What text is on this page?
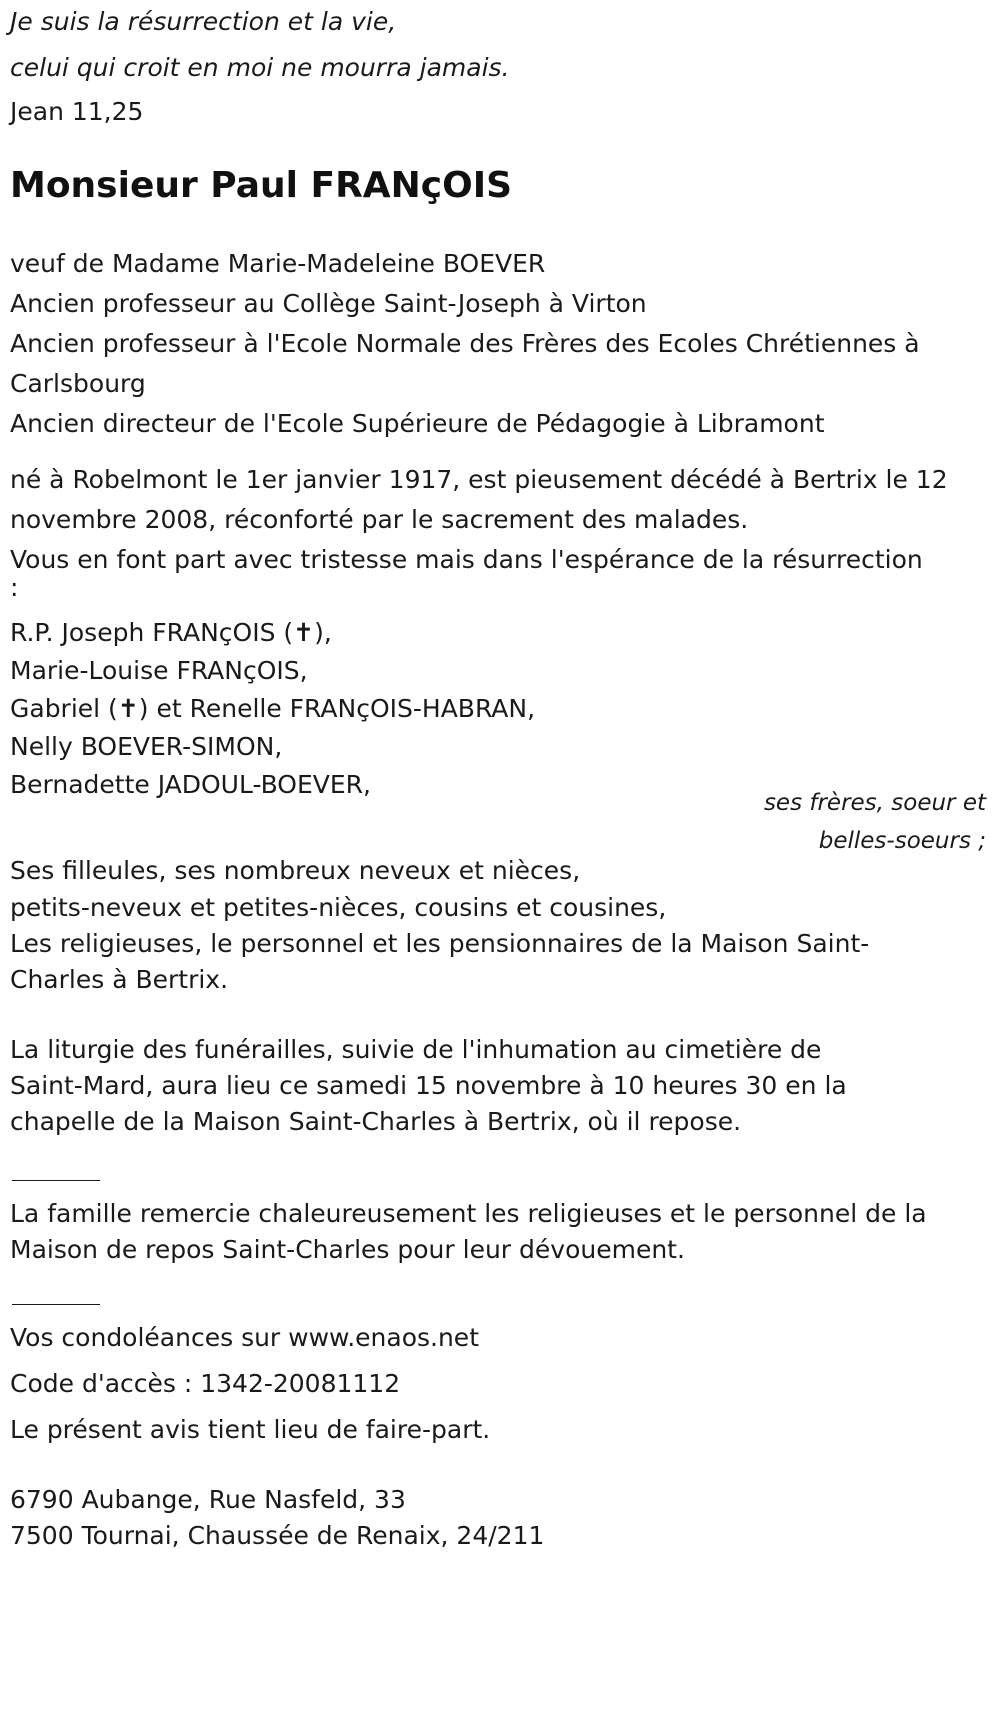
Je suis la résurrection et la vie,
celui qui croit en moi ne mourra jamais.
Jean 11,25
Monsieur Paul FRANçOIS
veuf de Madame Marie-Madeleine BOEVER
Ancien professeur au Collège Saint-Joseph à Virton
Ancien professeur à l'Ecole Normale des Frères des Ecoles Chrétiennes à
Carlsbourg
Ancien directeur de l'Ecole Supérieure de Pédagogie à Libramont
né à Robelmont le 1er janvier 1917, est pieusement décédé à Bertrix le 12
novembre 2008, réconforté par le sacrement des malades.
Vous en font part avec tristesse mais dans l'espérance de la résurrection
:
R.P. Joseph FRANçOIS (✝),
Marie-Louise FRANçOIS,
Gabriel (✝) et Renelle FRANçOIS-HABRAN,
Nelly BOEVER-SIMON,
Bernadette JADOUL-BOEVER,
ses frères, soeur et
belles-soeurs ;
Ses filleules, ses nombreux neveux et nièces,
petits-neveux et petites-nièces, cousins et cousines,
Les religieuses, le personnel et les pensionnaires de la Maison Saint-
Charles à Bertrix.
La liturgie des funérailles, suivie de l'inhumation au cimetière de
Saint-Mard, aura lieu ce samedi 15 novembre à 10 heures 30 en la
chapelle de la Maison Saint-Charles à Bertrix, où il repose.
La famille remercie chaleureusement les religieuses et le personnel de la
Maison de repos Saint-Charles pour leur dévouement.
Vos condoléances sur www.enaos.net
Code d'accès : 1342-20081112
Le présent avis tient lieu de faire-part.
6790 Aubange, Rue Nasfeld, 33
7500 Tournai, Chaussée de Renaix, 24/211
